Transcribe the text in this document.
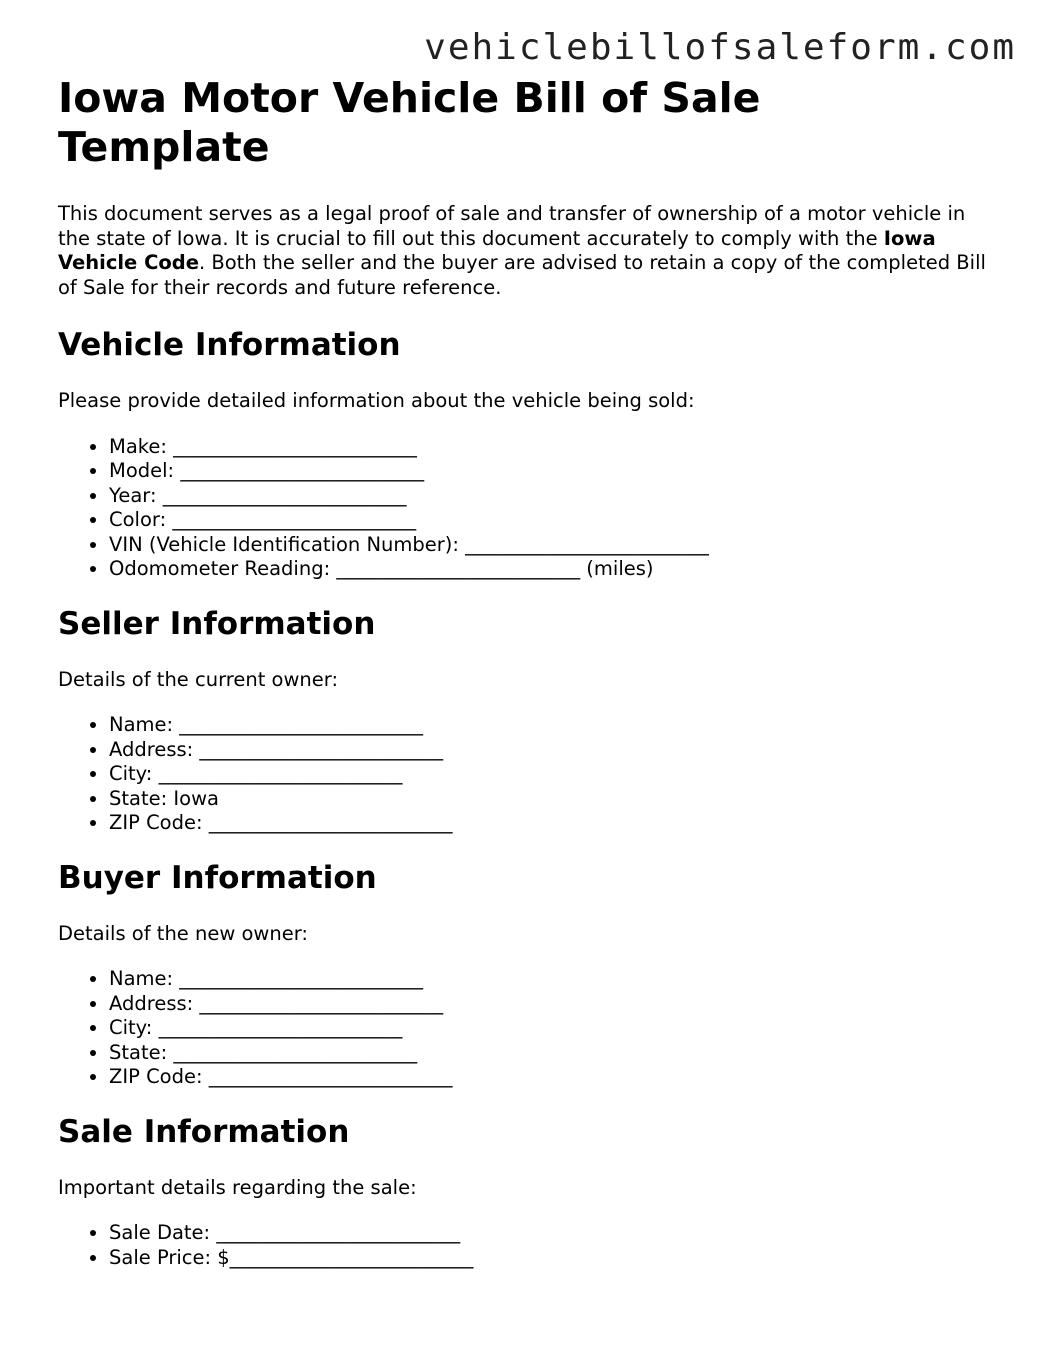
vehiclebillofsaleform.com
Iowa Motor Vehicle Bill of Sale Template

This document serves as a legal proof of sale and transfer of ownership of a motor vehicle in the state of Iowa. It is crucial to fill out this document accurately to comply with the Iowa Vehicle Code. Both the seller and the buyer are advised to retain a copy of the completed Bill of Sale for their records and future reference.

Vehicle Information

Please provide detailed information about the vehicle being sold:

• Make: _________________________
• Model: _________________________
• Year: _________________________
• Color: _________________________
• VIN (Vehicle Identification Number): _________________________
• Odomometer Reading: _________________________ (miles)
Seller Information

Details of the current owner:

• Name: _________________________
• Address: _________________________
• City: _________________________
• State: Iowa
• ZIP Code: _________________________
Buyer Information

Details of the new owner:

• Name: _________________________
• Address: _________________________
• City: _________________________
• State: _________________________
• ZIP Code: _________________________
Sale Information

Important details regarding the sale:

• Sale Date: _________________________
• Sale Price: $_________________________
